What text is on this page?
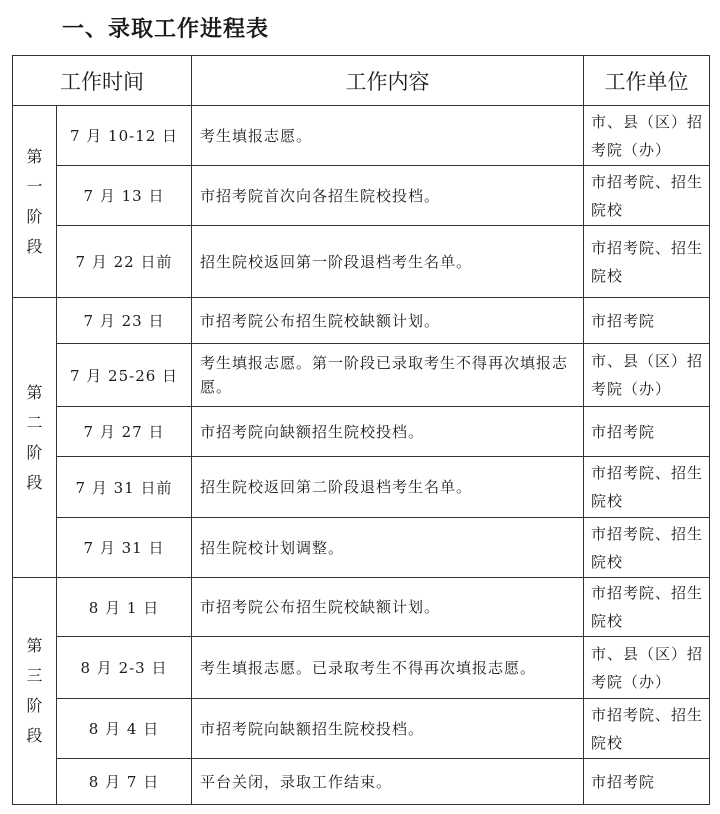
一、录取工作进程表
工作时间		工作内容	工作单位

第
一
阶
段	7 月 10-12 日	考生填报志愿。	市、县（区）招考院（办）
	7 月 13 日	市招考院首次向各招生院校投档。	市招考院、招生院校
	7 月 22 日前	招生院校返回第一阶段退档考生名单。	市招考院、招生院校

第
二
阶
段	7 月 23 日	市招考院公布招生院校缺额计划。	市招考院
	7 月 25-26 日	考生填报志愿。第一阶段已录取考生不得再次填报志愿。	市、县（区）招考院（办）
	7 月 27 日	市招考院向缺额招生院校投档。	市招考院
	7 月 31 日前	招生院校返回第二阶段退档考生名单。	市招考院、招生院校
	7 月 31 日	招生院校计划调整。	市招考院、招生院校

第
三
阶
段	8 月 1 日	市招考院公布招生院校缺额计划。	市招考院、招生院校
	8 月 2-3 日	考生填报志愿。已录取考生不得再次填报志愿。	市、县（区）招考院（办）
	8 月 4 日	市招考院向缺额招生院校投档。	市招考院、招生院校
	8 月 7 日	平台关闭，录取工作结束。	市招考院
